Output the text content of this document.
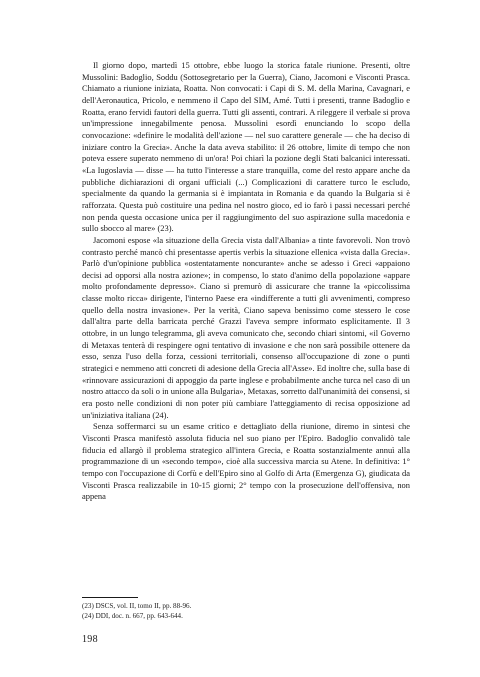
Il giorno dopo, martedì 15 ottobre, ebbe luogo la storica fatale riunione. Presenti, oltre Mussolini: Badoglio, Soddu (Sottosegretario per la Guerra), Ciano, Jacomoni e Visconti Prasca. Chiamato a riunione iniziata, Roatta. Non convocati: i Capi di S. M. della Marina, Cavagnari, e dell'Aeronautica, Pricolo, e nemmeno il Capo del SIM, Amé. Tutti i presenti, tranne Badoglio e Roatta, erano fervidi fautori della guerra. Tutti gli assenti, contrari. A rileggere il verbale si prova un'impressione innegabilmente penosa. Mussolini esordì enunciando lo scopo della convocazione: «definire le modalità dell'azione — nel suo carattere generale — che ha deciso di iniziare contro la Grecia». Anche la data aveva stabilito: il 26 ottobre, limite di tempo che non poteva essere superato nemmeno di un'ora! Poi chiarì la pozione degli Stati balcanici interessati. «La Iugoslavia — disse — ha tutto l'interesse a stare tranquilla, come del resto appare anche da pubbliche dichiarazioni di organi ufficiali (...) Complicazioni di carattere turco le escludo, specialmente da quando la germania si è impiantata in Romania e da quando la Bulgaria si è rafforzata. Questa può costituire una pedina nel nostro gioco, ed io farò i passi necessari perché non penda questa occasione unica per il raggiungimento del suo aspirazione sulla macedonia e sullo sbocco al mare» (23).

Jacomoni espose «la situazione della Grecia vista dall'Albania» a tinte favorevoli. Non trovò contrasto perché mancò chi presentasse apertis verbis la situazione ellenica «vista dalla Grecia». Parlò d'un'opinione pubblica «ostentatamente noncurante» anche se adesso i Greci «appaiono decisi ad opporsi alla nostra azione»; in compenso, lo stato d'animo della popolazione «appare molto profondamente depresso». Ciano si premurò di assicurare che tranne la «piccolissima classe molto ricca» dirigente, l'interno Paese era «indifferente a tutti gli avvenimenti, compreso quello della nostra invasione». Per la verità, Ciano sapeva benissimo come stessero le cose dall'altra parte della barricata perché Grazzi l'aveva sempre informato esplicitamente. Il 3 ottobre, in un lungo telegramma, gli aveva comunicato che, secondo chiari sintomi, «il Governo di Metaxas tenterà di respingere ogni tentativo di invasione e che non sarà possibile ottenere da esso, senza l'uso della forza, cessioni territoriali, consenso all'occupazione di zone o punti strategici e nemmeno atti concreti di adesione della Grecia all'Asse». Ed inoltre che, sulla base di «rinnovare assicurazioni di appoggio da parte inglese e probabilmente anche turca nel caso di un nostro attacco da soli o in unione alla Bulgaria», Metaxas, sorretto dall'unanimità dei consensi, si era posto nelle condizioni di non poter più cambiare l'atteggiamento di recisa opposizione ad un'iniziativa italiana (24).

Senza soffermarci su un esame critico e dettagliato della riunione, diremo in sintesi che Visconti Prasca manifestò assoluta fiducia nel suo piano per l'Epiro. Badoglio convalidò tale fiducia ed allargò il problema strategico all'intera Grecia, e Roatta sostanzialmente annuì alla programmazione di un «secondo tempo», cioè alla successiva marcia su Atene. In definitiva: 1° tempo con l'occupazione di Corfù e dell'Epiro sino al Golfo di Arta (Emergenza G), giudicata da Visconti Prasca realizzabile in 10-15 giorni; 2° tempo con la prosecuzione dell'offensiva, non appena

(23) DSCS, vol. II, tomo II, pp. 88-96.
(24) DDI, doc. n. 667, pp. 643-644.
198
